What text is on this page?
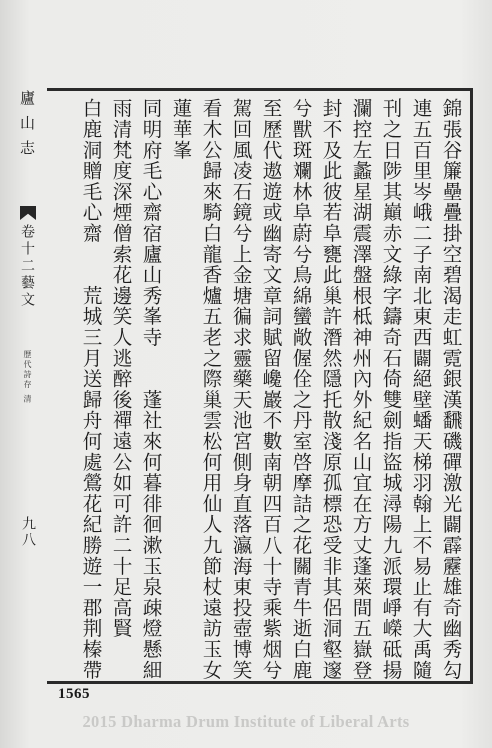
廬山志
卷十二藝文
歷代詩存 清
九八	錦張谷簾壘疊掛空碧渴走虹霓銀漢飜磯磾激光闢霹靂雄奇幽秀勾
連五百里岑峨二子南北東西闢絕壁蟠天梯羽翰上不易止有大禹隨
刊之日陟其巔赤文綠字鑄奇石倚雙劍指盜城潯陽九派環崢嶸砥揚
瀾控左蠡星湖震澤盤根柢神州內外紀名山宜在方丈蓬萊間五嶽登
封不及此彼若阜甕此巢許潛然隱托散淺原孤標恐受非其侶洞壑邃
兮獸斑斕林阜蔚兮鳥綿蠻敞偓佺之丹室啓摩詰之花關青牛逝白鹿
至歷代遨遊或幽寄文章詞賦留巉巖不數南朝四百八十寺乘紫烟兮
駕回風凌石鏡兮上金塘徧求靈藥天池宮側身直落瀛海東投壺博笑
看木公歸來騎白龍香爐五老之際巢雲松何用仙人九節杖遠訪玉女
蓮華峯
同明府毛心齋宿廬山秀峯寺　　蓬社來何暮徘徊漱玉泉疎燈懸細
雨清梵度深煙僧索花邊笑人逃醉後禪遠公如可許二十足高賢
白鹿洞贈毛心齋　　荒城三月送歸舟何處鶯花紀勝遊一郡荆榛帶
1565
2015 Dharma Drum Institute of Liberal Arts
